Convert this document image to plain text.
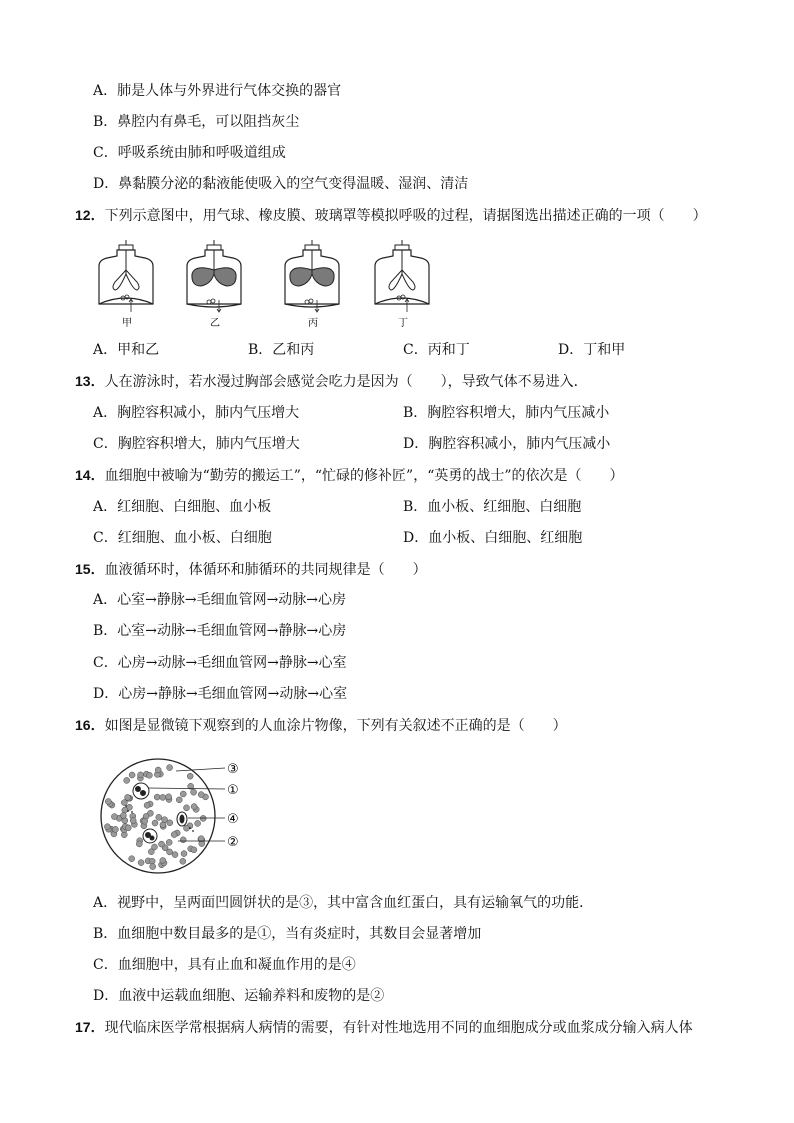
A．肺是人体与外界进行气体交换的器官
B．鼻腔内有鼻毛，可以阻挡灰尘
C．呼吸系统由肺和呼吸道组成
D．鼻黏膜分泌的黏液能使吸入的空气变得温暖、湿润、清洁
12．下列示意图中，用气球、橡皮膜、玻璃罩等模拟呼吸的过程，请据图选出描述正确的一项（　　）
甲	乙	丙	丁
A．甲和乙	B．乙和丙	C．丙和丁	D．丁和甲
13．人在游泳时，若水漫过胸部会感觉会吃力是因为（　　），导致气体不易进入．
A．胸腔容积减小，肺内气压增大	B．胸腔容积增大，肺内气压减小
C．胸腔容积增大，肺内气压增大	D．胸腔容积减小，肺内气压减小
14．血细胞中被喻为“勤劳的搬运工”，“忙碌的修补匠”，“英勇的战士”的依次是（　　）
A．红细胞、白细胞、血小板	B．血小板、红细胞、白细胞
C．红细胞、血小板、白细胞	D．血小板、白细胞、红细胞
15．血液循环时，体循环和肺循环的共同规律是（　　）
A．心室→静脉→毛细血管网→动脉→心房
B．心室→动脉→毛细血管网→静脉→心房
C．心房→动脉→毛细血管网→静脉→心室
D．心房→静脉→毛细血管网→动脉→心室
16．如图是显微镜下观察到的人血涂片物像，下列有关叙述不正确的是（　　）
③
①
④
②
A．视野中，呈两面凹圆饼状的是③，其中富含血红蛋白，具有运输氧气的功能．
B．血细胞中数目最多的是①，当有炎症时，其数目会显著增加
C．血细胞中，具有止血和凝血作用的是④
D．血液中运载血细胞、运输养料和废物的是②
17．现代临床医学常根据病人病情的需要，有针对性地选用不同的血细胞成分或血浆成分输入病人体
